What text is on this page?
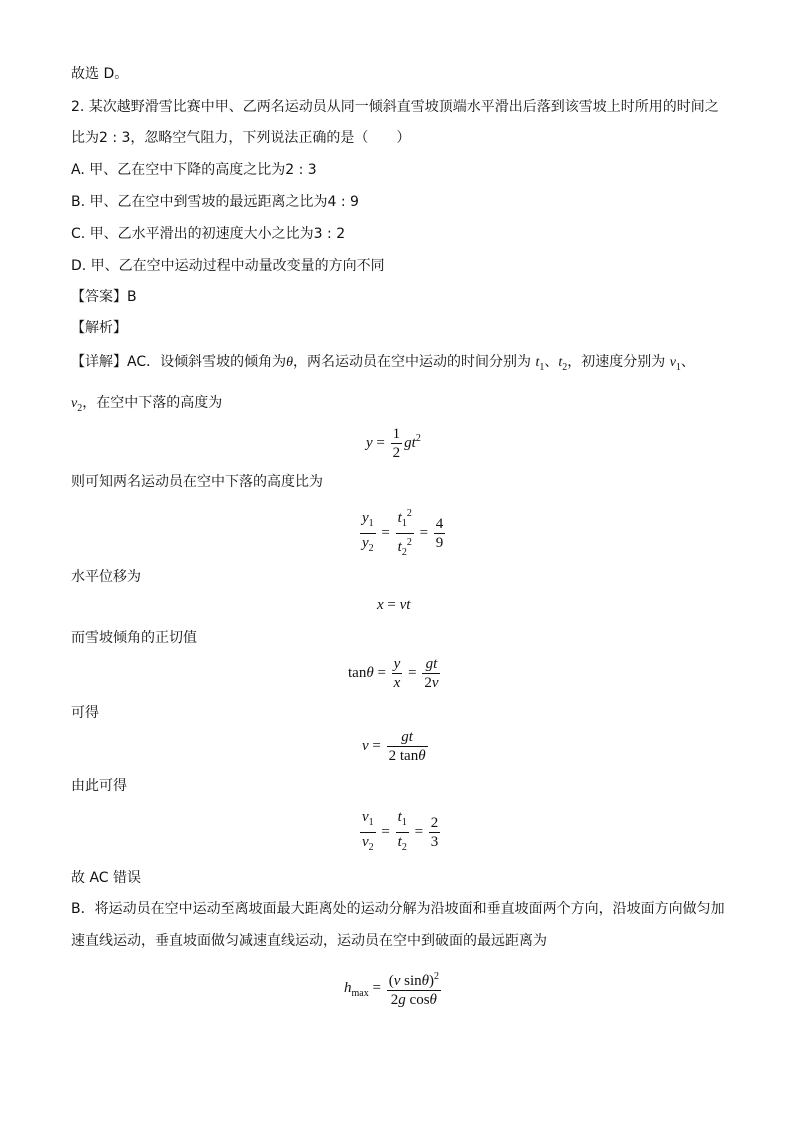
故选 D。
2. 某次越野滑雪比赛中甲、乙两名运动员从同一倾斜直雪坡顶端水平滑出后落到该雪坡上时所用的时间之
比为2 : 3，忽略空气阻力，下列说法正确的是（　　）
A. 甲、乙在空中下降的高度之比为2 : 3
B. 甲、乙在空中到雪坡的最远距离之比为4 : 9
C. 甲、乙水平滑出的初速度大小之比为3 : 2
D. 甲、乙在空中运动过程中动量改变量的方向不同
【答案】B
【解析】
【详解】AC．设倾斜雪坡的倾角为θ，两名运动员在空中运动的时间分别为 $t_1$、$t_2$，初速度分别为 $v_1$、
$v_2$，在空中下落的高度为
$y = \frac{1}{2} gt^2$
则可知两名运动员在空中下落的高度比为
$\frac{y_1}{y_2} = \frac{t_1^2}{t_2^2} = \frac{4}{9}$
水平位移为
x = vt
而雪坡倾角的正切值
$\tan\theta = \frac{y}{x} = \frac{gt}{2v}$
可得
$v = \frac{gt}{2 \tan\theta}$
由此可得
$\frac{v_1}{v_2} = \frac{t_1}{t_2} = \frac{2}{3}$
故 AC 错误
B．将运动员在空中运动至离坡面最大距离处的运动分解为沿坡面和垂直坡面两个方向，沿坡面方向做匀加
速直线运动，垂直坡面做匀减速直线运动，运动员在空中到破面的最远距离为
$h_{max} = \frac{(v \sin\theta)^2}{\text{2g cosθ}}$
